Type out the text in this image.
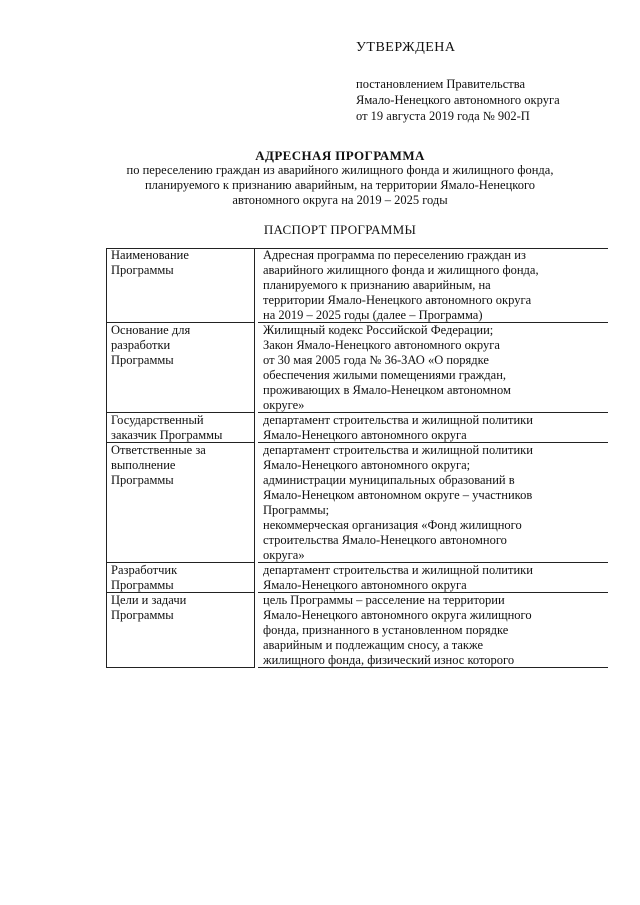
УТВЕРЖДЕНА
постановлением Правительства
Ямало-Ненецкого автономного округа
от 19 августа 2019 года № 902-П
АДРЕСНАЯ ПРОГРАММА
по переселению граждан из аварийного жилищного фонда и жилищного фонда,
планируемого к признанию аварийным, на территории Ямало-Ненецкого
автономного округа на 2019 – 2025 годы
ПАСПОРТ ПРОГРАММЫ
Наименование
Программы
Адресная программа по переселению граждан из
аварийного жилищного фонда и жилищного фонда,
планируемого к признанию аварийным, на
территории Ямало-Ненецкого автономного округа
на 2019 – 2025 годы (далее – Программа)
Основание для
разработки
Программы
Жилищный кодекс Российской Федерации;
Закон Ямало-Ненецкого автономного округа
от 30 мая 2005 года № 36-ЗАО «О порядке
обеспечения жилыми помещениями граждан,
проживающих в Ямало-Ненецком автономном
округе»
Государственный
заказчик Программы
департамент строительства и жилищной политики
Ямало-Ненецкого автономного округа
Ответственные за
выполнение
Программы
департамент строительства и жилищной политики
Ямало-Ненецкого автономного округа;
администрации муниципальных образований в
Ямало-Ненецком автономном округе – участников
Программы;
некоммерческая организация «Фонд жилищного
строительства Ямало-Ненецкого автономного
округа»
Разработчик
Программы
департамент строительства и жилищной политики
Ямало-Ненецкого автономного округа
Цели и задачи
Программы
цель Программы – расселение на территории
Ямало-Ненецкого автономного округа жилищного
фонда, признанного в установленном порядке
аварийным и подлежащим сносу, а также
жилищного фонда, физический износ которого
